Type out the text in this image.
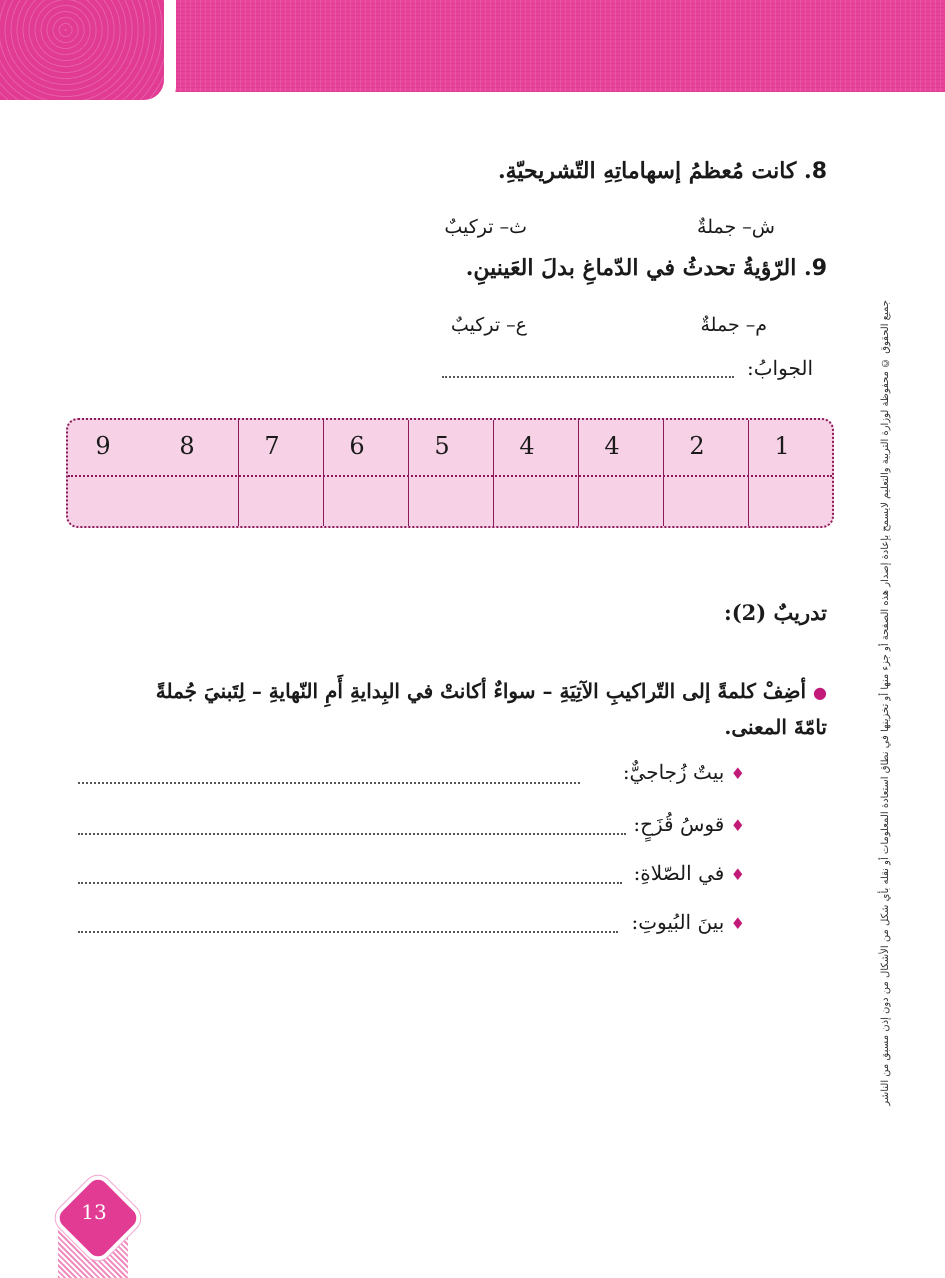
8. كانت مُعظمُ إسهاماتِهِ التّشريحيّةِ.
ش– جملةٌ
ث– تركيبٌ
9. الرّؤيةُ تحدثُ في الدّماغِ بدلَ العَينينِ.
م– جملةٌ
ع– تركيبٌ
الجوابُ:
1
2
4
4
5
6
7
8
9	جميع الحقوق © محفوظة لوزارة التربية والتعليم لايسمح بإعادة إصدار هذه الصفحة أو جزء منها أو تخزينها في نطاق استعادة المعلومات أو نقله بأي شكل من الأشكال من دون إذن مسبق من الناشر
تدريبٌ (2):
● أضِفْ كلمةً إلى التّراكيبِ الآتِيَةِ – سواءٌ أكانتْ في البِدايةِ أَمِ النّهايةِ – لِتَبنيَ جُملةً تامّةَ المعنى.
♦ بيتٌ زُجاجيٌّ:
♦ قوسُ قُزَحٍ:
♦ في الصّلاةِ:
♦ بينَ البُيوتِ:
13
